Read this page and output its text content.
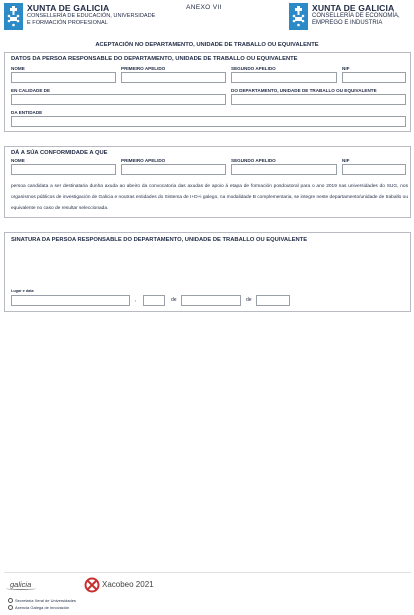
XUNTA DE GALICIA
CONSELLERÍA DE EDUCACIÓN, UNIVERSIDADE
E FORMACIÓN PROFESIONAL
ANEXO VII	XUNTA DE GALICIA
CONSELLERÍA DE ECONOMÍA,
EMPREGO E INDUSTRIA
ACEPTACIÓN NO DEPARTAMENTO, UNIDADE DE TRABALLO OU EQUIVALENTE
DATOS DA PERSOA RESPONSABLE DO DEPARTAMENTO, UNIDADE DE TRABALLO OU EQUIVALENTE
NOME	PRIMEIRO APELIDO	SEGUNDO APELIDO	NIF
EN CALIDADE DE	DO DEPARTAMENTO, UNIDADE DE TRABALLO OU EQUIVALENTE
DA ENTIDADE
DÁ A SÚA CONFORMIDADE A QUE
NOME	PRIMEIRO APELIDO	SEGUNDO APELIDO	NIF
persoa candidata a ser destinataria dunha axuda ao abeiro da convocatoria das axudas de apoio á etapa de formación posdoutoral para o ano 2019 nas universidades do SUG, nos organismos públicos de investigación de Galicia e noutras entidades do Sistema de I+D+i galego, na modalidade B complementaria, se integre neste departamento/unidade de traballo ou equivalente no caso de resultar seleccionada.
SINATURA DA PERSOA RESPONSABLE DO DEPARTAMENTO, UNIDADE DE TRABALLO OU EQUIVALENTE
Lugar e data
,	de	de
galicia	Xacobeo 2021
Secretaría Xeral de Universidades
Axencia Galega de Innovación
